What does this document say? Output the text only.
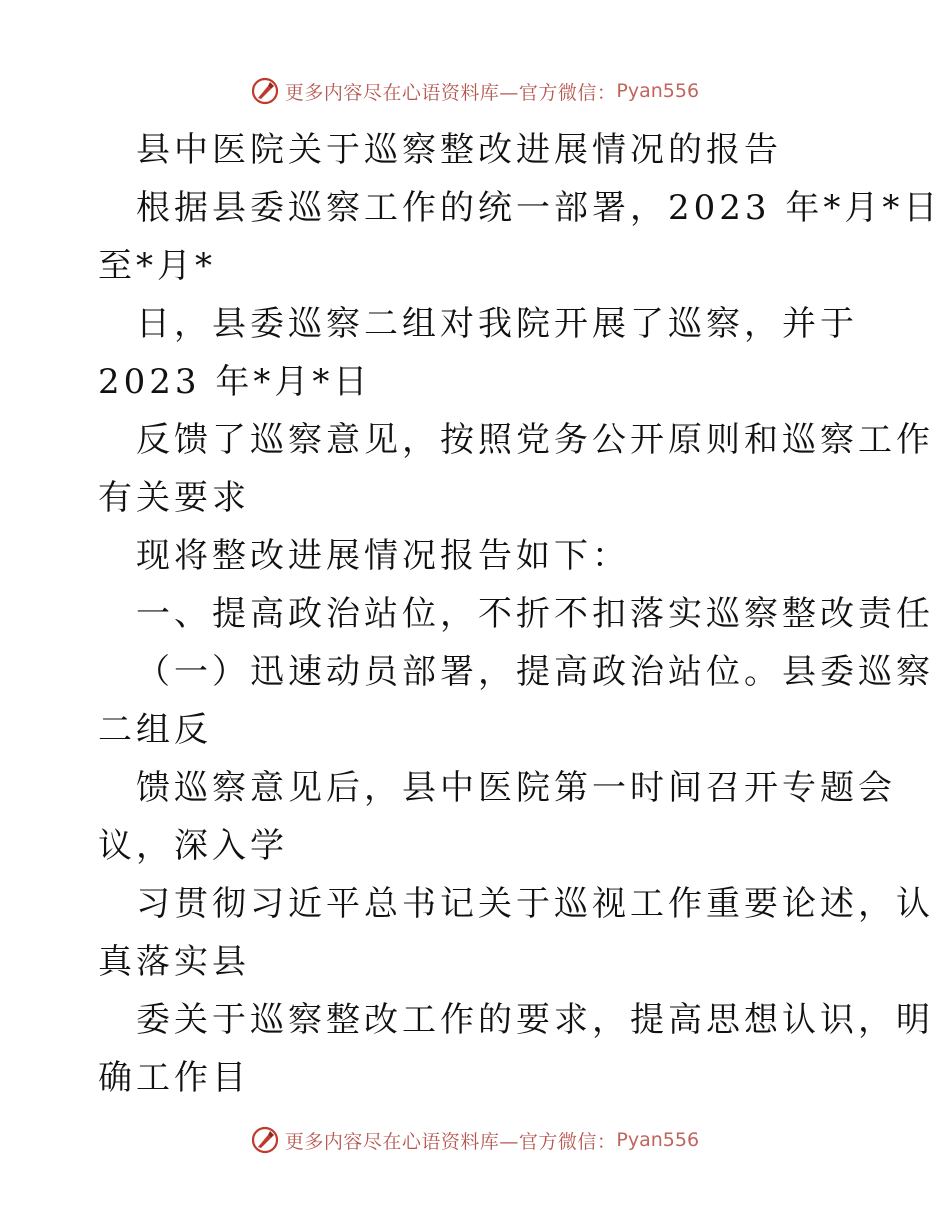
更多内容尽在心语资料库—官方微信： Pyan556
县中医院关于巡察整改进展情况的报告
根据县委巡察工作的统一部署，2023 年*月*日
至*月*
日，县委巡察二组对我院开展了巡察，并于
2023 年*月*日
反馈了巡察意见，按照党务公开原则和巡察工作
有关要求
现将整改进展情况报告如下：
一、提高政治站位，不折不扣落实巡察整改责任
（一）迅速动员部署，提高政治站位。县委巡察
二组反
馈巡察意见后，县中医院第一时间召开专题会
议，深入学
习贯彻习近平总书记关于巡视工作重要论述，认
真落实县
委关于巡察整改工作的要求，提高思想认识，明
确工作目
更多内容尽在心语资料库—官方微信： Pyan556
